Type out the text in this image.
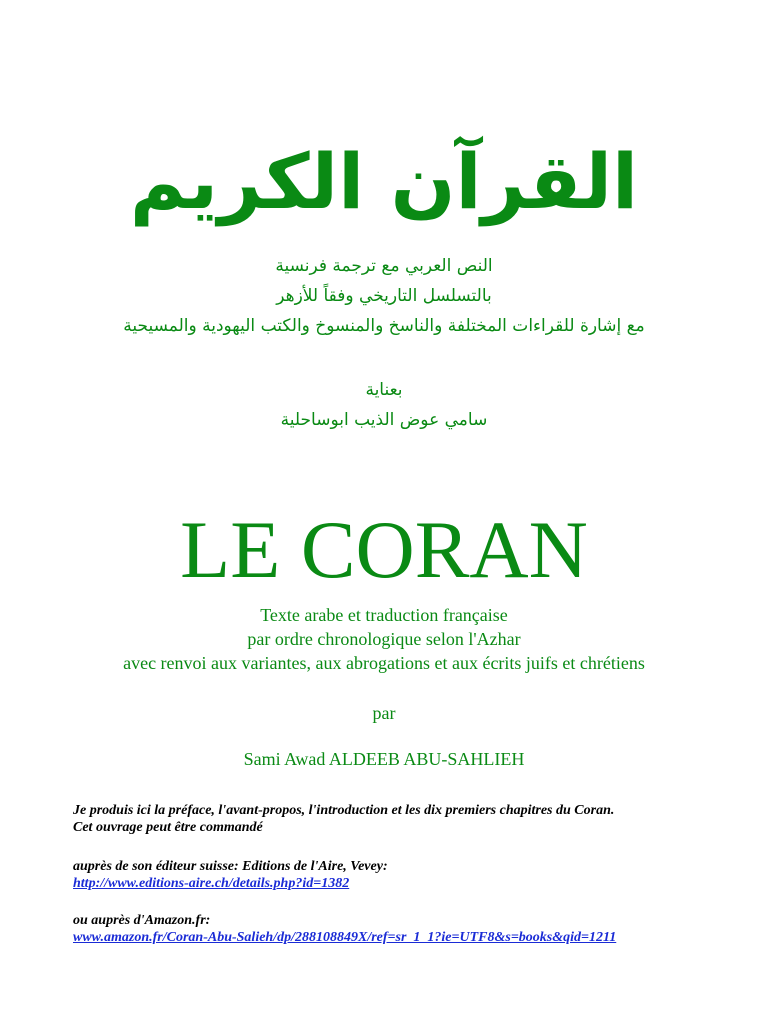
القرآن الكريم
النص العربي مع ترجمة فرنسية
بالتسلسل التاريخي وفقاً للأزهر
مع إشارة للقراءات المختلفة والناسخ والمنسوخ والكتب اليهودية والمسيحية
بعناية
سامي عوض الذيب ابوساحلية
LE CORAN
Texte arabe et traduction française
par ordre chronologique selon l'Azhar
avec renvoi aux variantes, aux abrogations et aux écrits juifs et chrétiens
par
Sami Awad ALDEEB ABU-SAHLIEH

Je produis ici la préface, l'avant-propos, l'introduction et les dix premiers chapitres du Coran.

Cet ouvrage peut être commandé

auprès de son éditeur suisse: Editions de l'Aire, Vevey:

http://www.editions-aire.ch/details.php?id=1382

ou auprès d'Amazon.fr:

www.amazon.fr/Coran-Abu-Salieh/dp/288108849X/ref=sr_1_1?ie=UTF8&s=books&qid=1211
